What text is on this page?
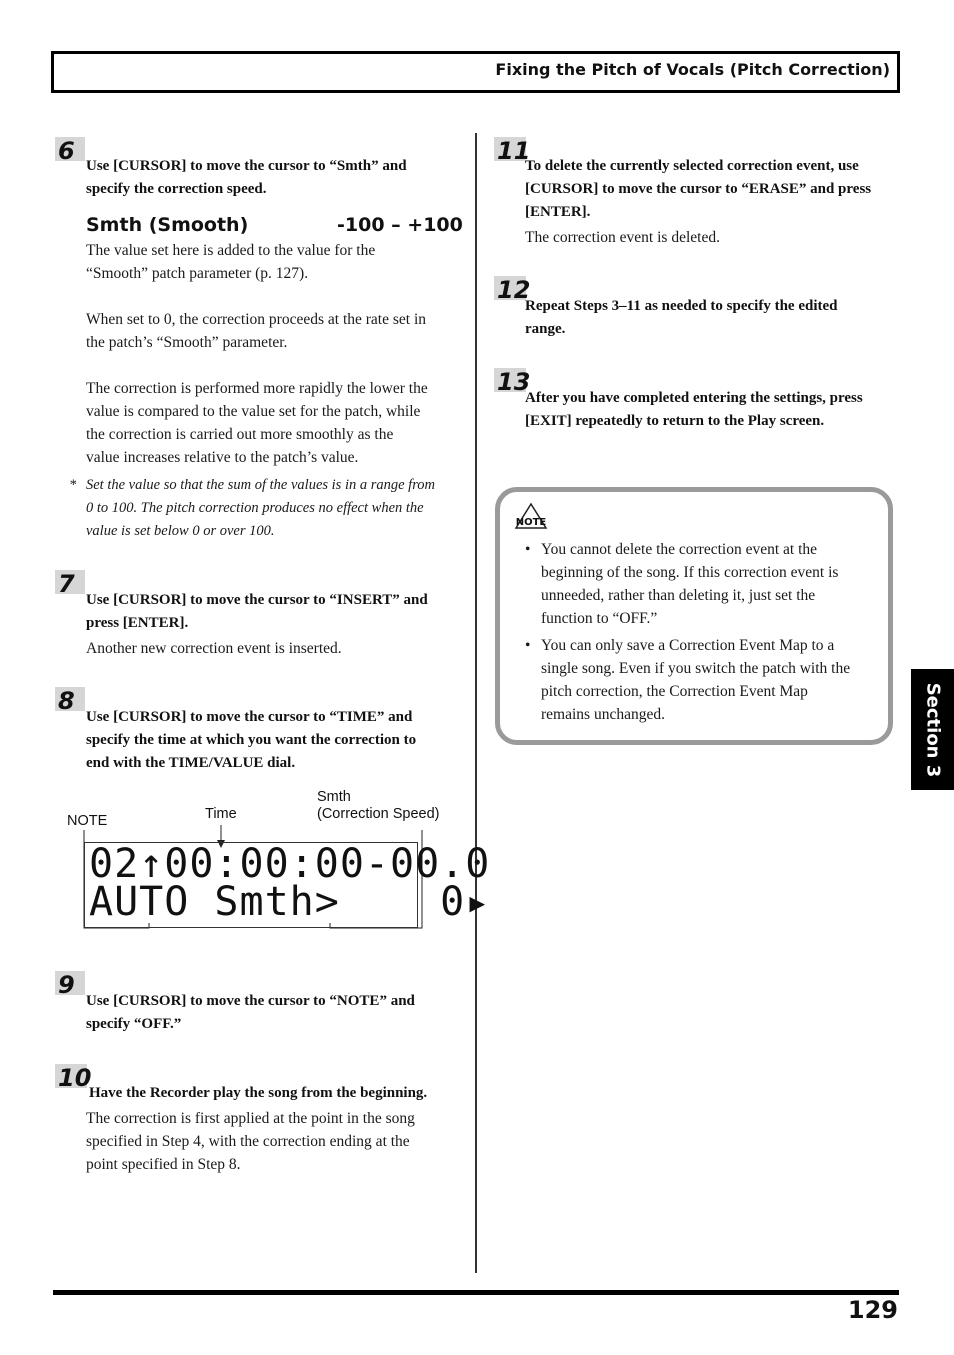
Fixing the Pitch of Vocals (Pitch Correction)
6
Use [CURSOR] to move the cursor to “Smth” and
specify the correction speed.
Smth (Smooth)	-100 – +100
The value set here is added to the value for the
“Smooth” patch parameter (p. 127).
When set to 0, the correction proceeds at the rate set in
the patch’s “Smooth” parameter.
The correction is performed more rapidly the lower the
value is compared to the value set for the patch, while
the correction is carried out more smoothly as the
value increases relative to the patch’s value.
* Set the value so that the sum of the values is in a range from
0 to 100. The pitch correction produces no effect when the
value is set below 0 or over 100.
7
Use [CURSOR] to move the cursor to “INSERT” and
press [ENTER].
Another new correction event is inserted.
8
Use [CURSOR] to move the cursor to “TIME” and
specify the time at which you want the correction to
end with the TIME/VALUE dial.
NOTE	Time
Smth
(Correction Speed)
02↑00:00:00-00.0
AUTO Smth>    0▸
9
Use [CURSOR] to move the cursor to “NOTE” and
specify “OFF.”
10
Have the Recorder play the song from the beginning.
The correction is first applied at the point in the song
specified in Step 4, with the correction ending at the
point specified in Step 8.
11
To delete the currently selected correction event, use
[CURSOR] to move the cursor to “ERASE” and press
[ENTER].
The correction event is deleted.
12
Repeat Steps 3–11 as needed to specify the edited
range.
13
After you have completed entering the settings, press
[EXIT] repeatedly to return to the Play screen.
NOTE
• You cannot delete the correction event at the
beginning of the song. If this correction event is
unneeded, rather than deleting it, just set the
function to “OFF.”
• You can only save a Correction Event Map to a
single song. Even if you switch the patch with the
pitch correction, the Correction Event Map
remains unchanged.	Section 3
129
